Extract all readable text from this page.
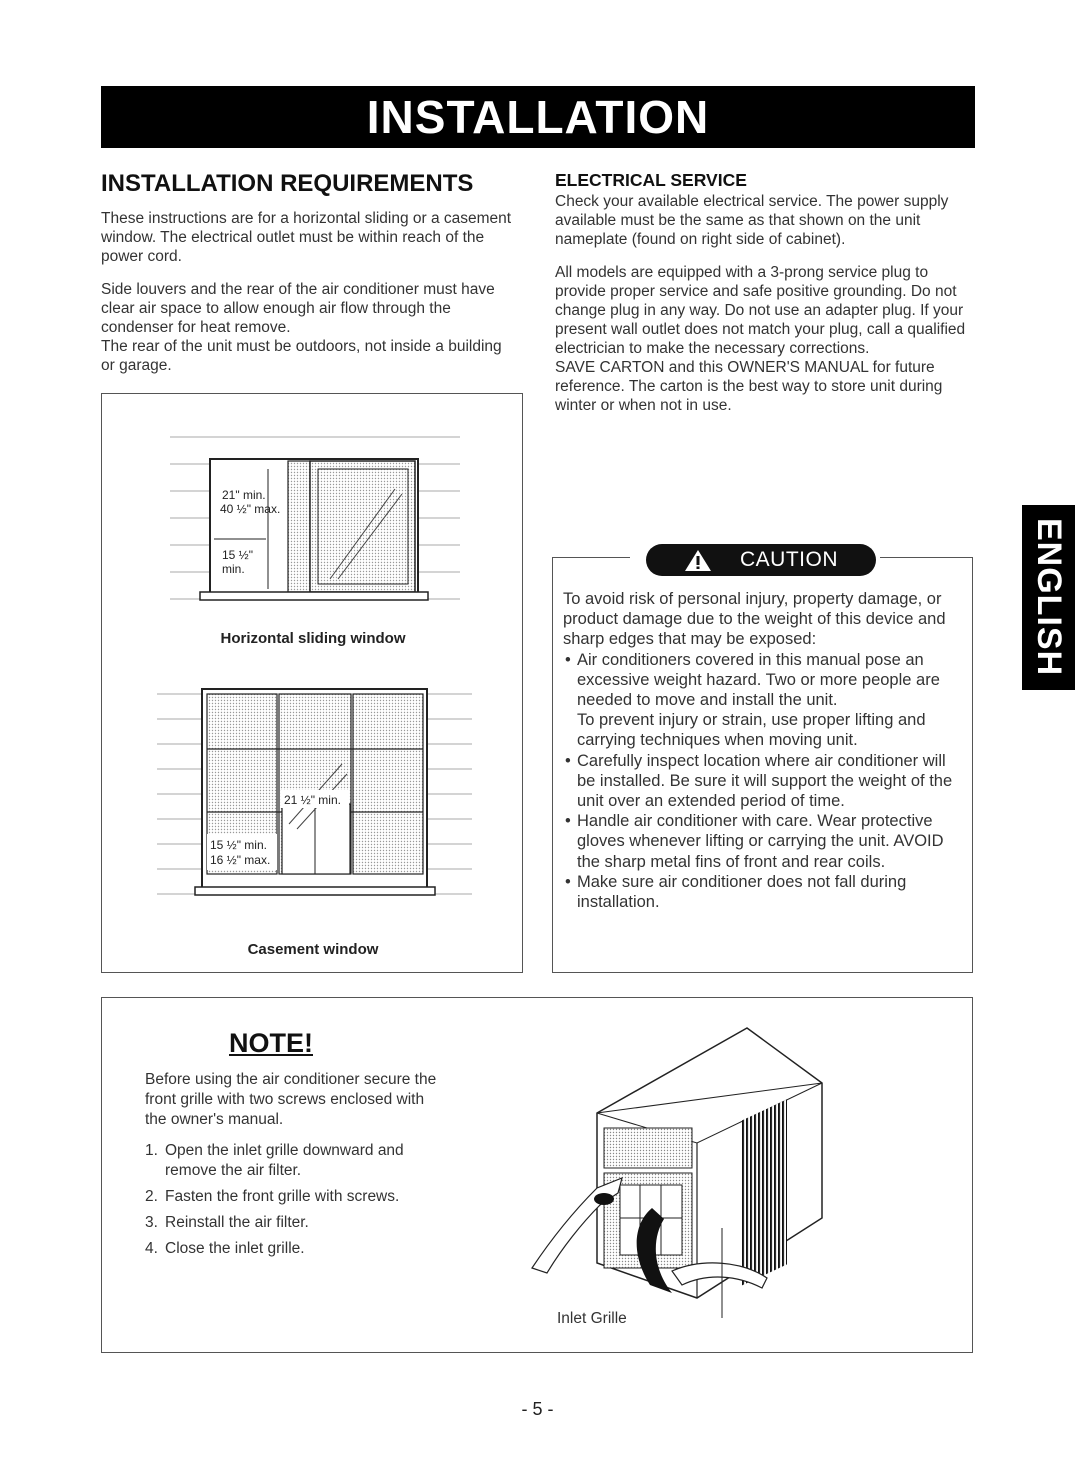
INSTALLATION
ENGLISH
INSTALLATION REQUIREMENTS

These instructions are for a horizontal sliding or a casement window. The electrical outlet must be within reach of the power cord.

Side louvers and the rear of the air conditioner must have clear air space to allow enough air flow through the condenser for heat remove.

The rear of the unit must be outdoors, not inside a building or garage.

21" min.
40 ½" max.
15 ½"
min.
Horizontal sliding window
21 ½" min.
15 ½" min.
16 ½" max.
Casement window
ELECTRICAL SERVICE

Check your available electrical service. The power supply available must be the same as that shown on the unit nameplate (found on right side of cabinet).

All models are equipped with a 3-prong service plug to provide proper service and safe positive grounding. Do not change plug in any way. Do not use an adapter plug. If your present wall outlet does not match your plug, call a qualified electrician to make the necessary corrections.

SAVE CARTON and this OWNER'S MANUAL for future reference. The carton is the best way to store unit during winter or when not in use.

CAUTION
To avoid risk of personal injury, property damage, or product damage due to the weight of this device and sharp edges that may be exposed:
• Air conditioners covered in this manual pose an excessive weight hazard. Two or more people are needed to move and install the unit.
To prevent injury or strain, use proper lifting and carrying techniques when moving unit.
• Carefully inspect location where air conditioner will be installed. Be sure it will support the weight of the unit over an extended period of time.
• Handle air conditioner with care. Wear protective gloves whenever lifting or carrying the unit. AVOID the sharp metal fins of front and rear coils.
• Make sure air conditioner does not fall during installation.
NOTE!
Before using the air conditioner secure the front grille with two screws enclosed with the owner's manual.
1. Open the inlet grille downward and
remove the air filter.
2. Fasten the front grille with screws.
3. Reinstall the air filter.
4. Close the inlet grille.
Inlet Grille
- 5 -
